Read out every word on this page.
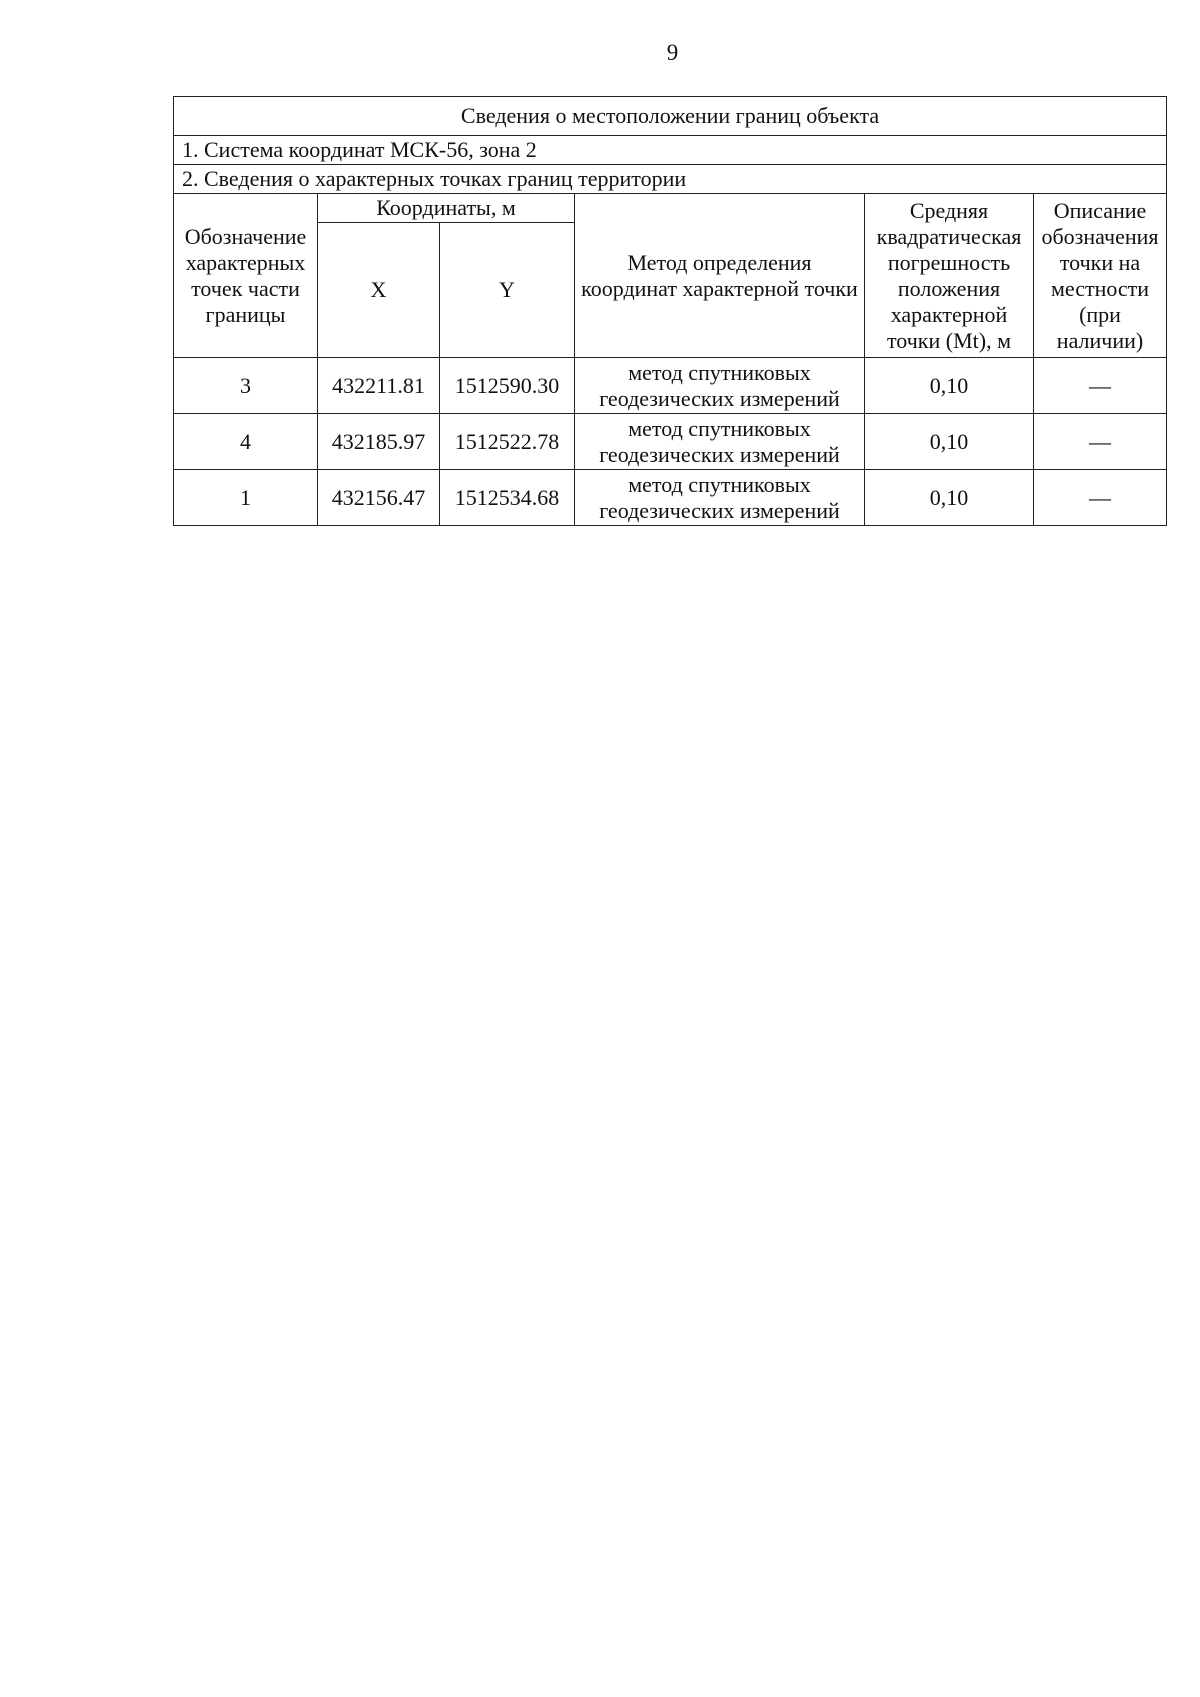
9
Сведения о местоположении границ объекта					
1. Система координат МСК-56, зона 2					
2. Сведения о характерных точках границ территории					
Обозначение характерных точек части границы	Координаты, м		Метод определения координат характерной точки	Средняя квадратическая погрешность положения характерной точки (Mt), м	Описание обозначения точки на местности (при наличии)
	X	Y			
3	432211.81	1512590.30	метод спутниковых геодезических измерений	0,10	—
4	432185.97	1512522.78	метод спутниковых геодезических измерений	0,10	—
1	432156.47	1512534.68	метод спутниковых геодезических измерений	0,10	—
